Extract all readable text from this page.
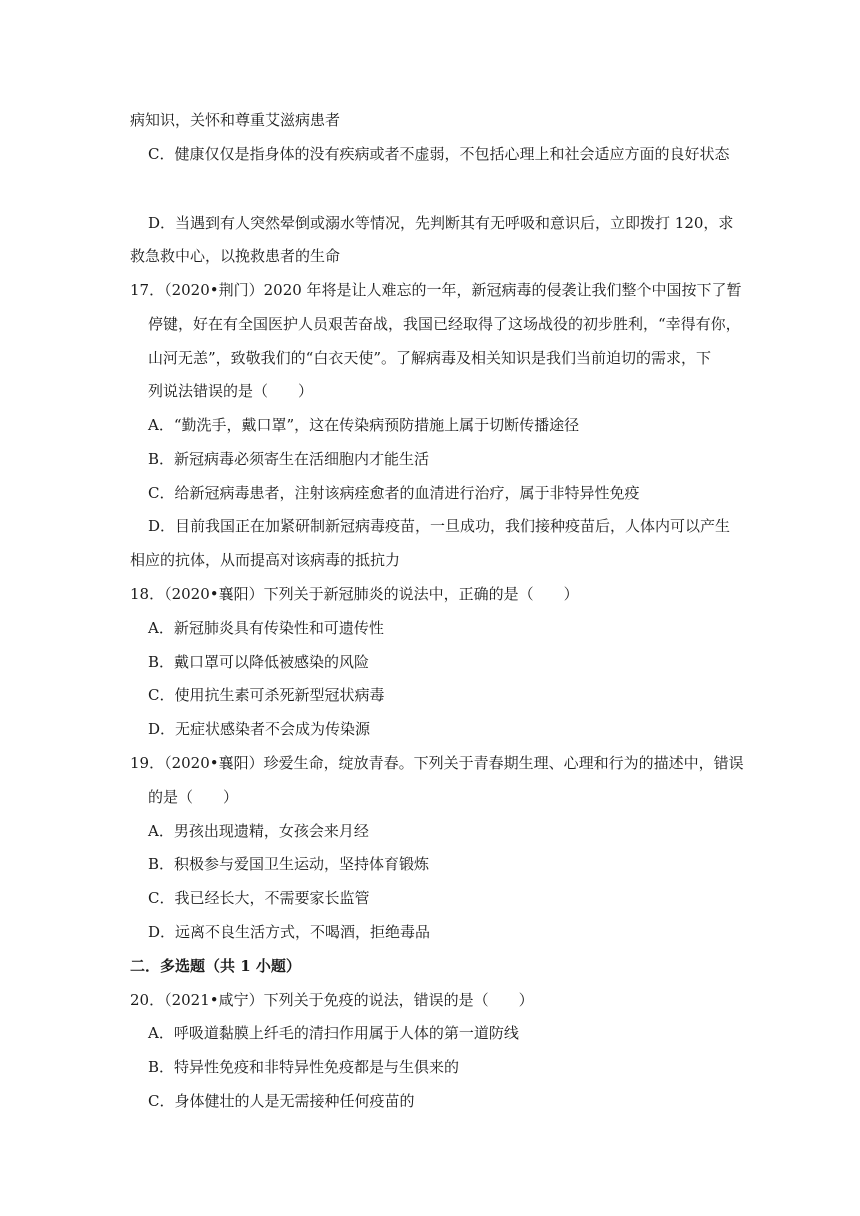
病知识，关怀和尊重艾滋病患者
C．健康仅仅是指身体的没有疾病或者不虚弱，不包括心理上和社会适应方面的良好状态
D．当遇到有人突然晕倒或溺水等情况，先判断其有无呼吸和意识后，立即拨打 120，求
救急救中心，以挽救患者的生命
17．（2020•荆门）2020 年将是让人难忘的一年，新冠病毒的侵袭让我们整个中国按下了暂
停键，好在有全国医护人员艰苦奋战，我国已经取得了这场战役的初步胜利，“幸得有你，
山河无恙”，致敬我们的“白衣天使”。了解病毒及相关知识是我们当前迫切的需求，下
列说法错误的是（　　）
A．“勤洗手，戴口罩”，这在传染病预防措施上属于切断传播途径
B．新冠病毒必须寄生在活细胞内才能生活
C．给新冠病毒患者，注射该病痊愈者的血清进行治疗，属于非特异性免疫
D．目前我国正在加紧研制新冠病毒疫苗，一旦成功，我们接种疫苗后，人体内可以产生
相应的抗体，从而提高对该病毒的抵抗力
18．（2020•襄阳）下列关于新冠肺炎的说法中，正确的是（　　）
A．新冠肺炎具有传染性和可遗传性
B．戴口罩可以降低被感染的风险
C．使用抗生素可杀死新型冠状病毒
D．无症状感染者不会成为传染源
19．（2020•襄阳）珍爱生命，绽放青春。下列关于青春期生理、心理和行为的描述中，错误
的是（　　）
A．男孩出现遗精，女孩会来月经
B．积极参与爱国卫生运动，坚持体育锻炼
C．我已经长大，不需要家长监管
D．远离不良生活方式，不喝酒，拒绝毒品
二．多选题（共 1 小题）
20．（2021•咸宁）下列关于免疫的说法，错误的是（　　）
A．呼吸道黏膜上纤毛的清扫作用属于人体的第一道防线
B．特异性免疫和非特异性免疫都是与生俱来的
C．身体健壮的人是无需接种任何疫苗的
